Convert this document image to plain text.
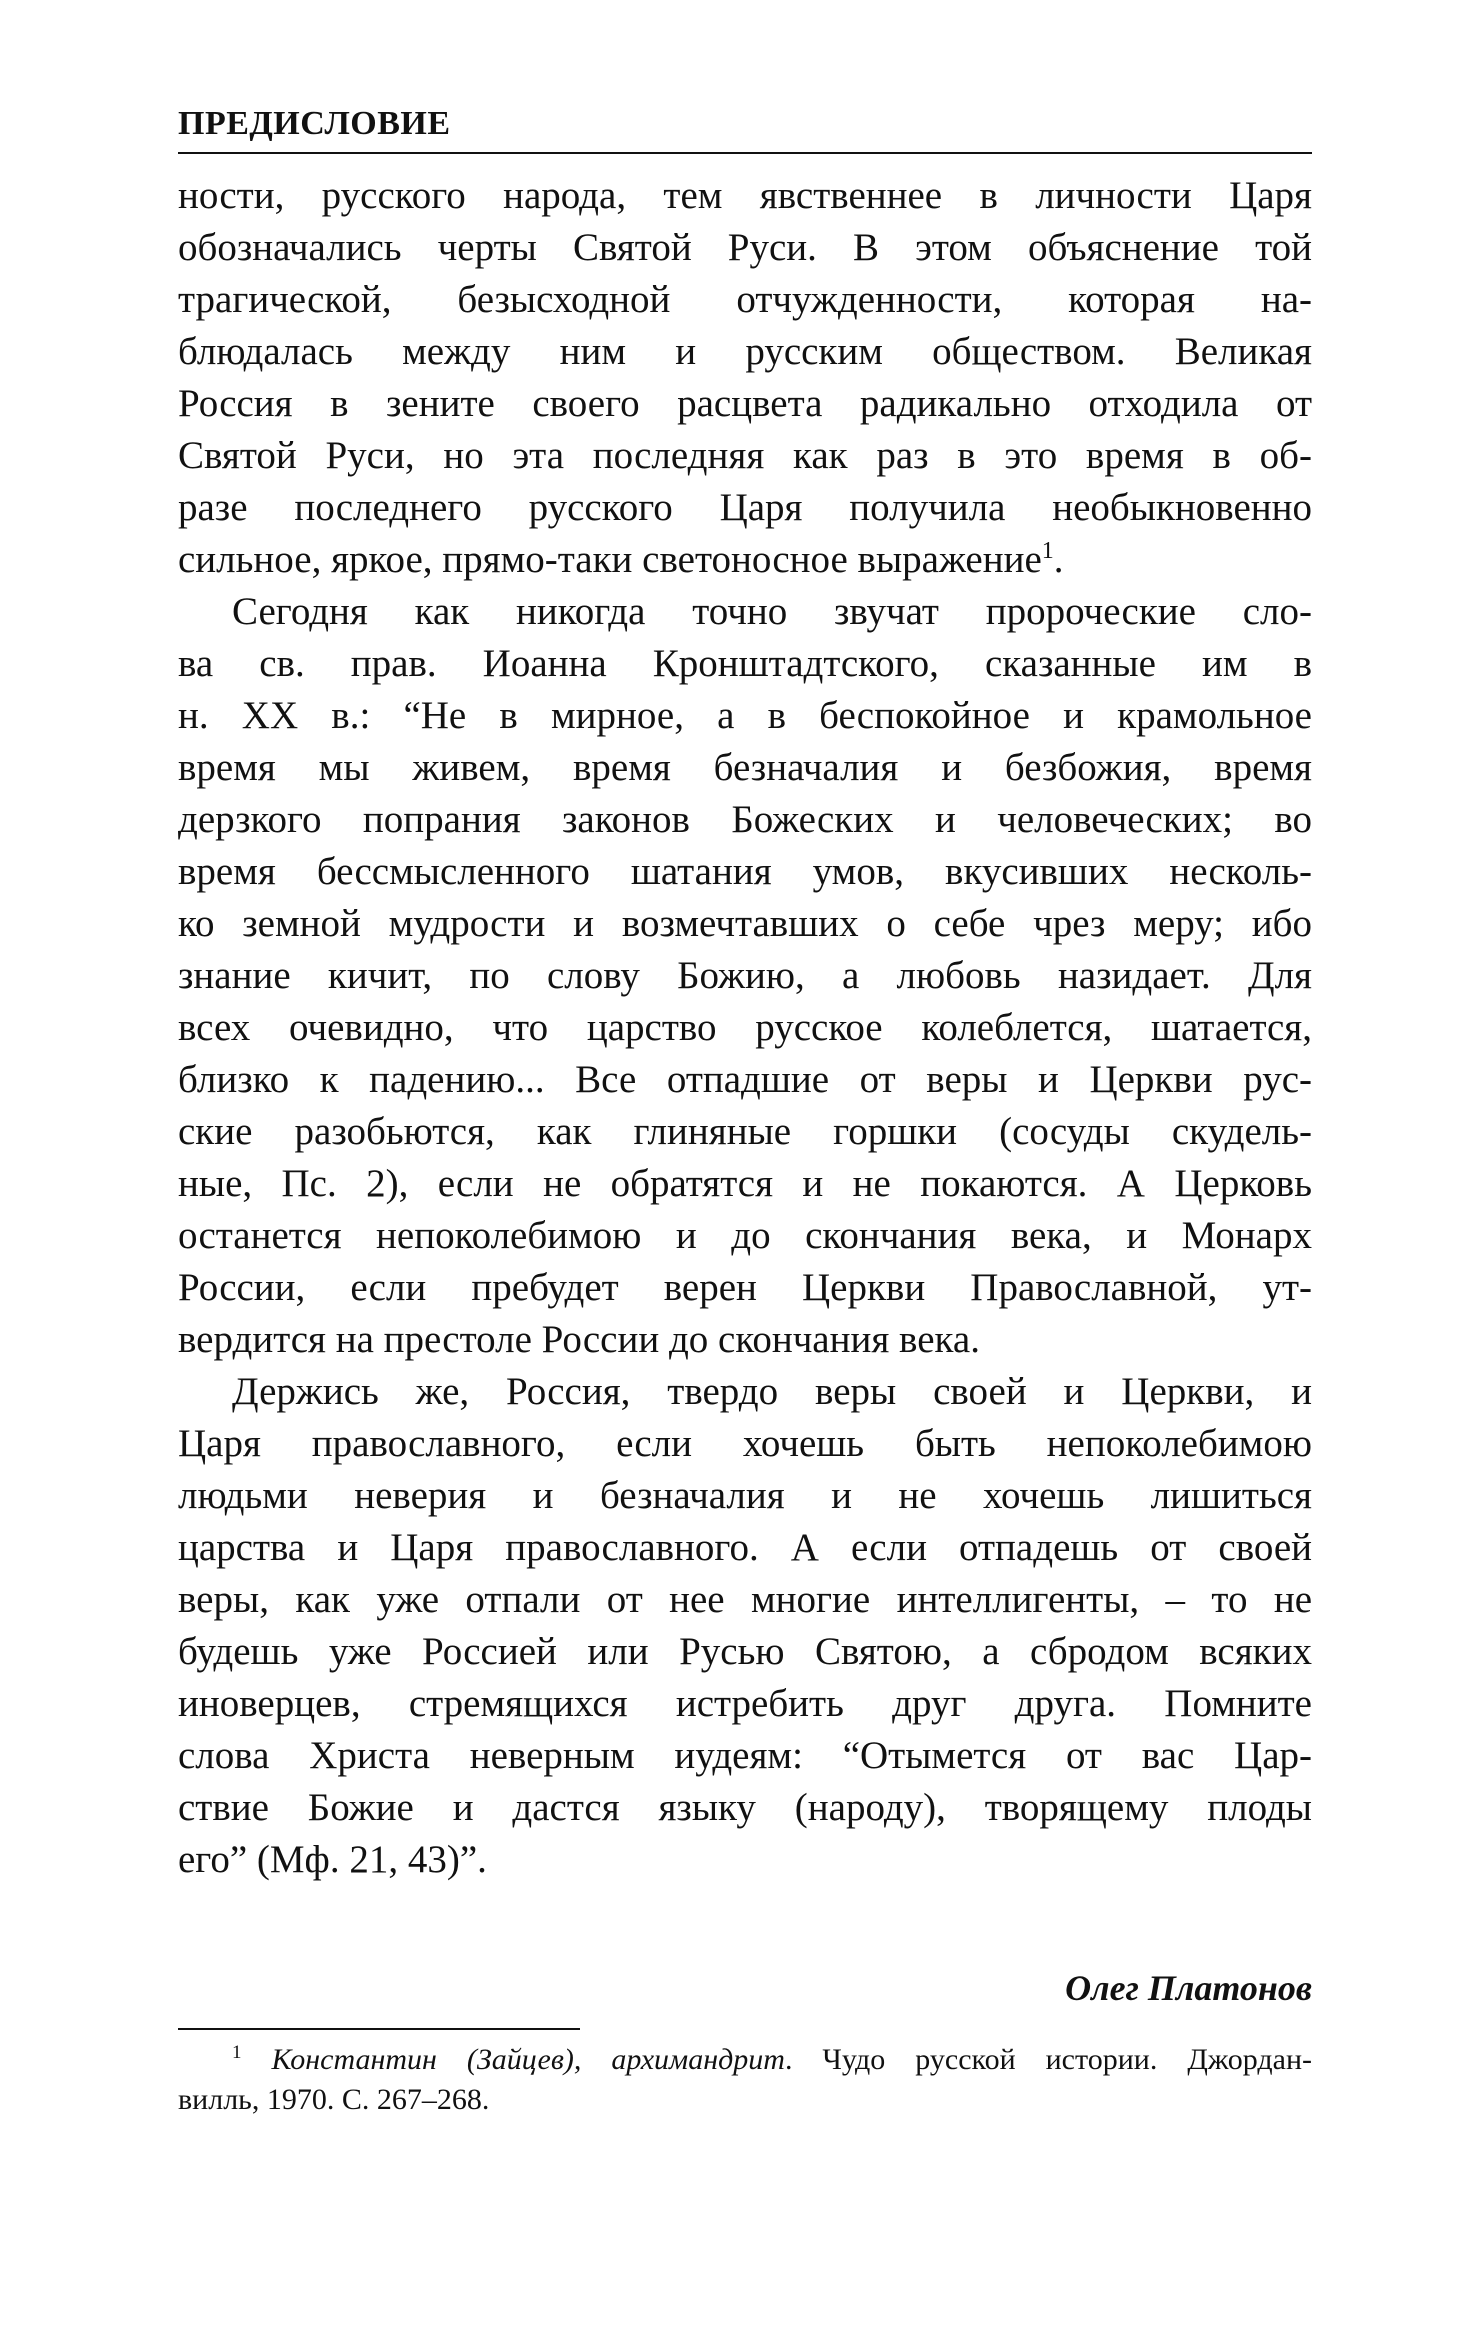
ПРЕДИСЛОВИЕ

ности, русского народа, тем явственнее в личности Царя
обозначались черты Святой Руси. В этом объяснение той
трагической, безысходной отчужденности, которая на-
блюдалась между ним и русским обществом. Великая
Россия в зените своего расцвета радикально отходила от
Святой Руси, но эта последняя как раз в это время в об-
разе последнего русского Царя получила необыкновенно
сильное, яркое, прямо-таки светоносное выражение$^1$.

Сегодня как никогда точно звучат пророческие сло-
ва св. прав. Иоанна Кронштадтского, сказанные им в
н. XX в.: “Не в мирное, а в беспокойное и крамольное
время мы живем, время безначалия и безбожия, время
дерзкого попрания законов Божеских и человеческих; во
время бессмысленного шатания умов, вкусивших несколь-
ко земной мудрости и возмечтавших о себе чрез меру; ибо
знание кичит, по слову Божию, а любовь назидает. Для
всех очевидно, что царство русское колеблется, шатается,
близко к падению... Все отпадшие от веры и Церкви рус-
ские разобьются, как глиняные горшки (сосуды скудель-
ные, Пс. 2), если не обратятся и не покаются. А Церковь
останется непоколебимою и до скончания века, и Монарх
России, если пребудет верен Церкви Православной, ут-
вердится на престоле России до скончания века.

Держись же, Россия, твердо веры своей и Церкви, и
Царя православного, если хочешь быть непоколебимою
людьми неверия и безначалия и не хочешь лишиться
царства и Царя православного. А если отпадешь от своей
веры, как уже отпали от нее многие интеллигенты, – то не
будешь уже Россией или Русью Святою, а сбродом всяких
иноверцев, стремящихся истребить друг друга. Помните
слова Христа неверным иудеям: “Отымется от вас Цар-
ствие Божие и дастся языку (народу), творящему плоды
его” (Мф. 21, 43)”.

Олег Платонов
$^1$ Константин (Зайцев), архимандрит. Чудо русской истории. Джордан-
вилль, 1970. С. 267–268.
